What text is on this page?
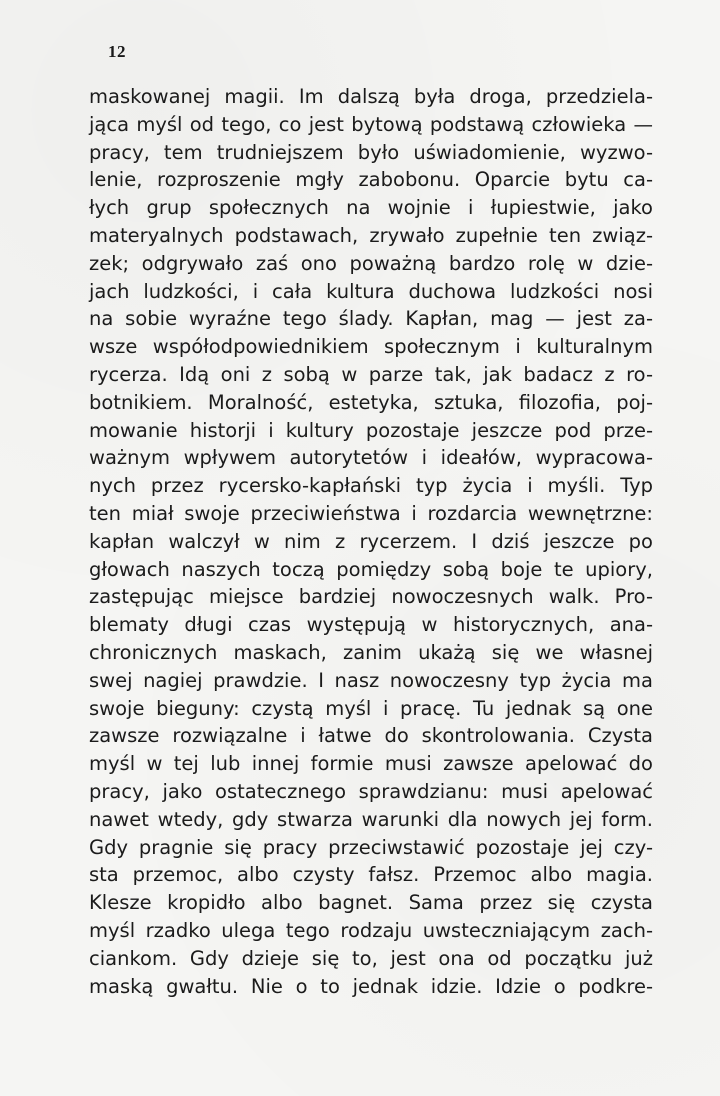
12
maskowanej magii. Im dalszą była droga, przedziela-
jąca myśl od tego, co jest bytową podstawą człowieka —
pracy, tem trudniejszem było uświadomienie, wyzwo-
lenie, rozproszenie mgły zabobonu. Oparcie bytu ca-
łych grup społecznych na wojnie i łupiestwie, jako
materyalnych podstawach, zrywało zupełnie ten związ-
zek; odgrywało zaś ono poważną bardzo rolę w dzie-
jach ludzkości, i cała kultura duchowa ludzkości nosi
na sobie wyraźne tego ślady. Kapłan, mag — jest za-
wsze współodpowiednikiem społecznym i kulturalnym
rycerza. Idą oni z sobą w parze tak, jak badacz z ro-
botnikiem. Moralność, estetyka, sztuka, filozofia, poj-
mowanie historji i kultury pozostaje jeszcze pod prze-
ważnym wpływem autorytetów i ideałów, wypracowa-
nych przez rycersko-kapłański typ życia i myśli. Typ
ten miał swoje przeciwieństwa i rozdarcia wewnętrzne:
kapłan walczył w nim z rycerzem. I dziś jeszcze po
głowach naszych toczą pomiędzy sobą boje te upiory,
zastępując miejsce bardziej nowoczesnych walk. Pro-
blematy długi czas występują w historycznych, ana-
chronicznych maskach, zanim ukażą się we własnej
swej nagiej prawdzie. I nasz nowoczesny typ życia ma
swoje bieguny: czystą myśl i pracę. Tu jednak są one
zawsze rozwiązalne i łatwe do skontrolowania. Czysta
myśl w tej lub innej formie musi zawsze apelować do
pracy, jako ostatecznego sprawdzianu: musi apelować
nawet wtedy, gdy stwarza warunki dla nowych jej form.
Gdy pragnie się pracy przeciwstawić pozostaje jej czy-
sta przemoc, albo czysty fałsz. Przemoc albo magia.
Klesze kropidło albo bagnet. Sama przez się czysta
myśl rzadko ulega tego rodzaju uwsteczniającym zach-
ciankom. Gdy dzieje się to, jest ona od początku już
maską gwałtu. Nie o to jednak idzie. Idzie o podkre-
